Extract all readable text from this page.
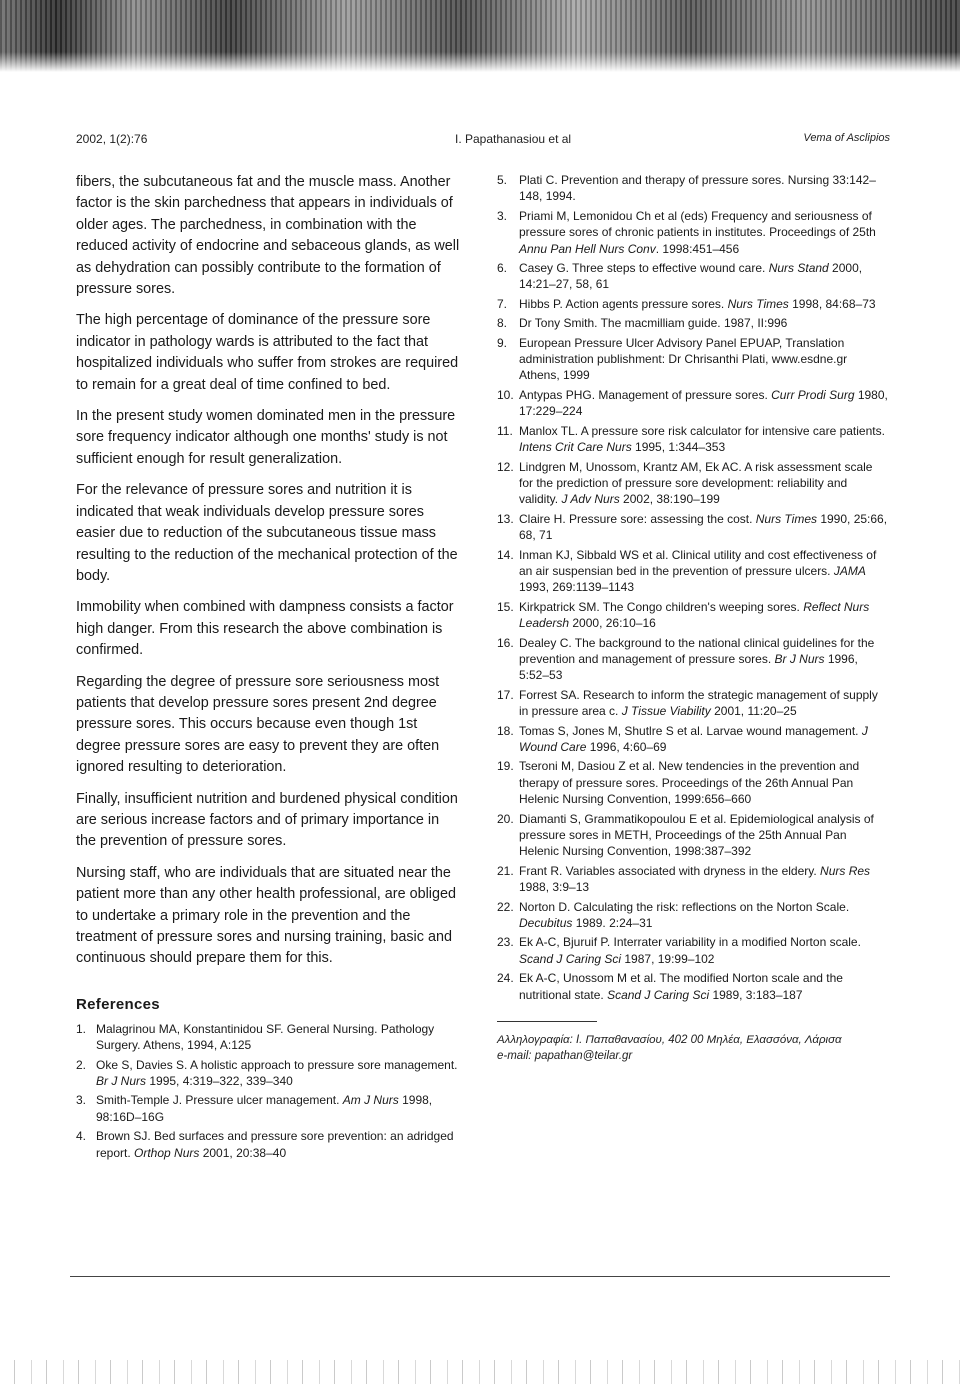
2002, 1(2):76	I. Papathanasiou et al	Vema of Asclipios

fibers, the subcutaneous fat and the muscle mass. Another factor is the skin parchedness that appears in individuals of older ages. The parchedness, in combination with the reduced activity of endocrine and sebaceous glands, as well as dehydration can possibly contribute to the formation of pressure sores.

The high percentage of dominance of the pressure sore indicator in pathology wards is attributed to the fact that hospitalized individuals who suffer from strokes are required to remain for a great deal of time confined to bed.

In the present study women dominated men in the pressure sore frequency indicator although one months' study is not sufficient enough for result generalization.

For the relevance of pressure sores and nutrition it is indicated that weak individuals develop pressure sores easier due to reduction of the subcutaneous tissue mass resulting to the reduction of the mechanical protection of the body.

Immobility when combined with dampness consists a factor high danger. From this research the above combination is confirmed.

Regarding the degree of pressure sore seriousness most patients that develop pressure sores present 2nd degree pressure sores. This occurs because even though 1st degree pressure sores are easy to prevent they are often ignored resulting to deterioration.

Finally, insufficient nutrition and burdened physical condition are serious increase factors and of primary importance in the prevention of pressure sores.

Nursing staff, who are individuals that are situated near the patient more than any other health professional, are obliged to undertake a primary role in the prevention and the treatment of pressure sores and nursing training, basic and continuous should prepare them for this.

References
1. Malagrinou MA, Konstantinidou SF. General Nursing. Pathology Surgery. Athens, 1994, A:125
2. Oke S, Davies S. A holistic approach to pressure sore management. Br J Nurs 1995, 4:319–322, 339–340
3. Smith-Temple J. Pressure ulcer management. Am J Nurs 1998, 98:16D–16G
4. Brown SJ. Bed surfaces and pressure sore prevention: an adridged report. Orthop Nurs 2001, 20:38–40
5. Plati C. Prevention and therapy of pressure sores. Nursing 33:142–148, 1994.
3. Priami M, Lemonidou Ch et al (eds) Frequency and seriousness of pressure sores of chronic patients in institutes. Proceedings of 25th Annu Pan Hell Nurs Conv. 1998:451–456
6. Casey G. Three steps to effective wound care. Nurs Stand 2000, 14:21–27, 58, 61
7. Hibbs P. Action agents pressure sores. Nurs Times 1998, 84:68–73
8. Dr Tony Smith. The macmilliam guide. 1987, II:996
9. European Pressure Ulcer Advisory Panel EPUAP, Translation administration publishment: Dr Chrisanthi Plati, www.esdne.gr Athens, 1999
10. Antypas PHG. Management of pressure sores. Curr Prodi Surg 1980, 17:229–224
11. Manlox TL. A pressure sore risk calculator for intensive care patients. Intens Crit Care Nurs 1995, 1:344–353
12. Lindgren M, Unossom, Krantz AM, Ek AC. A risk assessment scale for the prediction of pressure sore development: reliability and validity. J Adv Nurs 2002, 38:190–199
13. Claire H. Pressure sore: assessing the cost. Nurs Times 1990, 25:66, 68, 71
14. Inman KJ, Sibbald WS et al. Clinical utility and cost effectiveness of an air suspensian bed in the prevention of pressure ulcers. JAMA 1993, 269:1139–1143
15. Kirkpatrick SM. The Congo children's weeping sores. Reflect Nurs Leadersh 2000, 26:10–16
16. Dealey C. The background to the national clinical guidelines for the prevention and management of pressure sores. Br J Nurs 1996, 5:52–53
17. Forrest SA. Research to inform the strategic management of supply in pressure area c. J Tissue Viability 2001, 11:20–25
18. Tomas S, Jones M, Shutlre S et al. Larvae wound management. J Wound Care 1996, 4:60–69
19. Tseroni M, Dasiou Z et al. New tendencies in the prevention and therapy of pressure sores. Proceedings of the 26th Annual Pan Helenic Nursing Convention, 1999:656–660
20. Diamanti S, Grammatikopoulou E et al. Epidemiological analysis of pressure sores in METH, Proceedings of the 25th Annual Pan Helenic Nursing Convention, 1998:387–392
21. Frant R. Variables associated with dryness in the eldery. Nurs Res 1988, 3:9–13
22. Norton D. Calculating the risk: reflections on the Norton Scale. Decubitus 1989. 2:24–31
23. Ek A-C, Bjuruif P. Interrater variability in a modified Norton scale. Scand J Caring Sci 1987, 19:99–102
24. Ek A-C, Unossom M et al. The modified Norton scale and the nutritional state. Scand J Caring Sci 1989, 3:183–187
Αλληλογραφία: I. Παπαθανασίου, 402 00 Μηλέα, Ελασσόνα, Λάρισα
e-mail: papathan@teilar.gr
